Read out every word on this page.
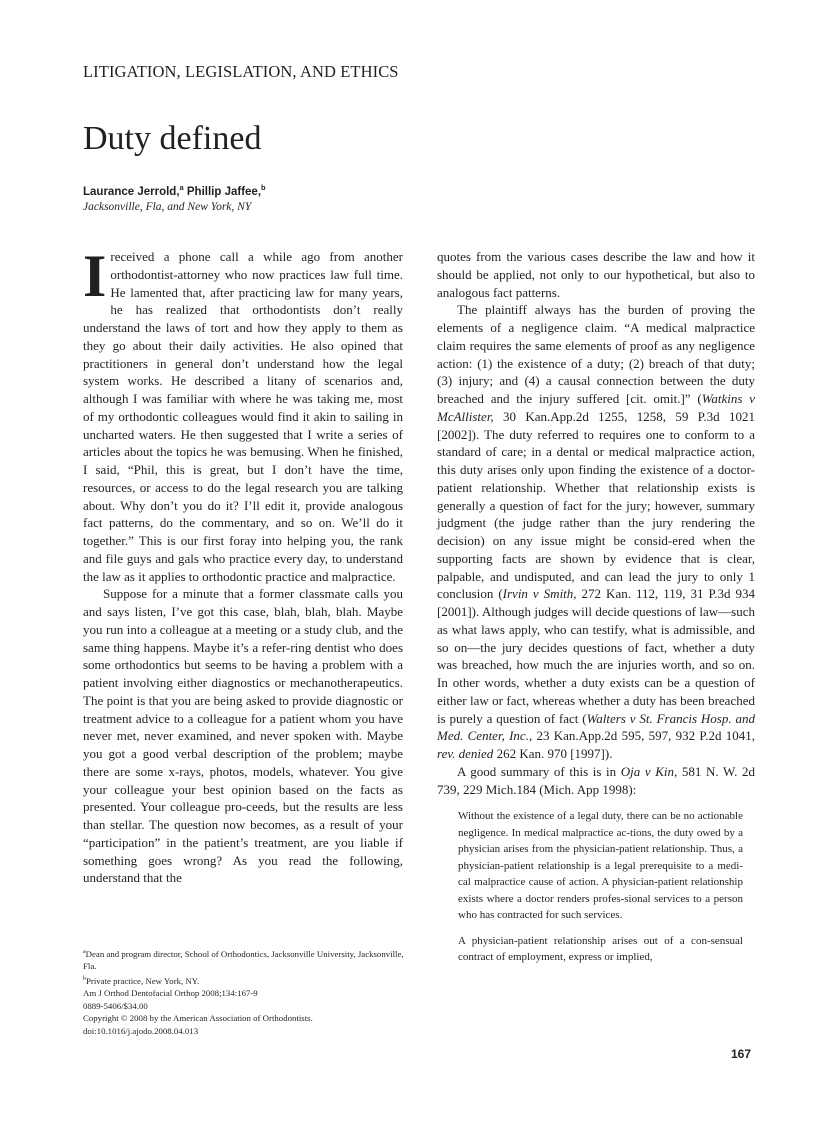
LITIGATION, LEGISLATION, AND ETHICS
Duty defined
Laurance Jerrold,$^a$ Phillip Jaffee,$^b$
Jacksonville, Fla, and New York, NY

Ireceived a phone call a while ago from another orthodontist-attorney who now practices law full time. He lamented that, after practicing law for many years, he has realized that orthodontists don’t really understand the laws of tort and how they apply to them as they go about their daily activities. He also opined that practitioners in general don’t understand how the legal system works. He described a litany of scenarios and, although I was familiar with where he was taking me, most of my orthodontic colleagues would find it akin to sailing in uncharted waters. He then suggested that I write a series of articles about the topics he was bemusing. When he finished, I said, “Phil, this is great, but I don’t have the time, resources, or access to do the legal research you are talking about. Why don’t you do it? I’ll edit it, provide analogous fact patterns, do the commentary, and so on. We’ll do it together.” This is our first foray into helping you, the rank and file guys and gals who practice every day, to understand the law as it applies to orthodontic practice and malpractice.

Suppose for a minute that a former classmate calls you and says listen, I’ve got this case, blah, blah, blah. Maybe you run into a colleague at a meeting or a study club, and the same thing happens. Maybe it’s a refer-ring dentist who does some orthodontics but seems to be having a problem with a patient involving either diagnostics or mechanotherapeutics. The point is that you are being asked to provide diagnostic or treatment advice to a colleague for a patient whom you have never met, never examined, and never spoken with. Maybe you got a good verbal description of the problem; maybe there are some x-rays, photos, models, whatever. You give your colleague your best opinion based on the facts as presented. Your colleague pro-ceeds, but the results are less than stellar. The question now becomes, as a result of your “participation” in the patient’s treatment, are you liable if something goes wrong? As you read the following, understand that the

quotes from the various cases describe the law and how it should be applied, not only to our hypothetical, but also to analogous fact patterns.

The plaintiff always has the burden of proving the elements of a negligence claim. “A medical malpractice claim requires the same elements of proof as any negligence action: (1) the existence of a duty; (2) breach of that duty; (3) injury; and (4) a causal connection between the duty breached and the injury suffered [cit. omit.]” (Watkins v McAllister, 30 Kan.App.2d 1255, 1258, 59 P.3d 1021 [2002]). The duty referred to requires one to conform to a standard of care; in a dental or medical malpractice action, this duty arises only upon finding the existence of a doctor-patient relationship. Whether that relationship exists is generally a question of fact for the jury; however, summary judgment (the judge rather than the jury rendering the decision) on any issue might be consid-ered when the supporting facts are shown by evidence that is clear, palpable, and undisputed, and can lead the jury to only 1 conclusion (Irvin v Smith, 272 Kan. 112, 119, 31 P.3d 934 [2001]). Although judges will decide questions of law—such as what laws apply, who can testify, what is admissible, and so on—the jury decides questions of fact, whether a duty was breached, how much the are injuries worth, and so on. In other words, whether a duty exists can be a question of either law or fact, whereas whether a duty has been breached is purely a question of fact (Walters v St. Francis Hosp. and Med. Center, Inc., 23 Kan.App.2d 595, 597, 932 P.2d 1041, rev. denied 262 Kan. 970 [1997]).

A good summary of this is in Oja v Kin, 581 N. W. 2d 739, 229 Mich.184 (Mich. App 1998):

Without the existence of a legal duty, there can be no actionable negligence. In medical malpractice ac-tions, the duty owed by a physician arises from the physician-patient relationship. Thus, a physician-patient relationship is a legal prerequisite to a medi-cal malpractice cause of action. A physician-patient relationship exists where a doctor renders profes-sional services to a person who has contracted for such services.

A physician-patient relationship arises out of a con-sensual contract of employment, express or implied,

$^a$Dean and program director, School of Orthodontics, Jacksonville University, Jacksonville, Fla.
$^b$Private practice, New York, NY.
Am J Orthod Dentofacial Orthop 2008;134:167-9
0889-5406/$34.00
Copyright © 2008 by the American Association of Orthodontists.
doi:10.1016/j.ajodo.2008.04.013
167
